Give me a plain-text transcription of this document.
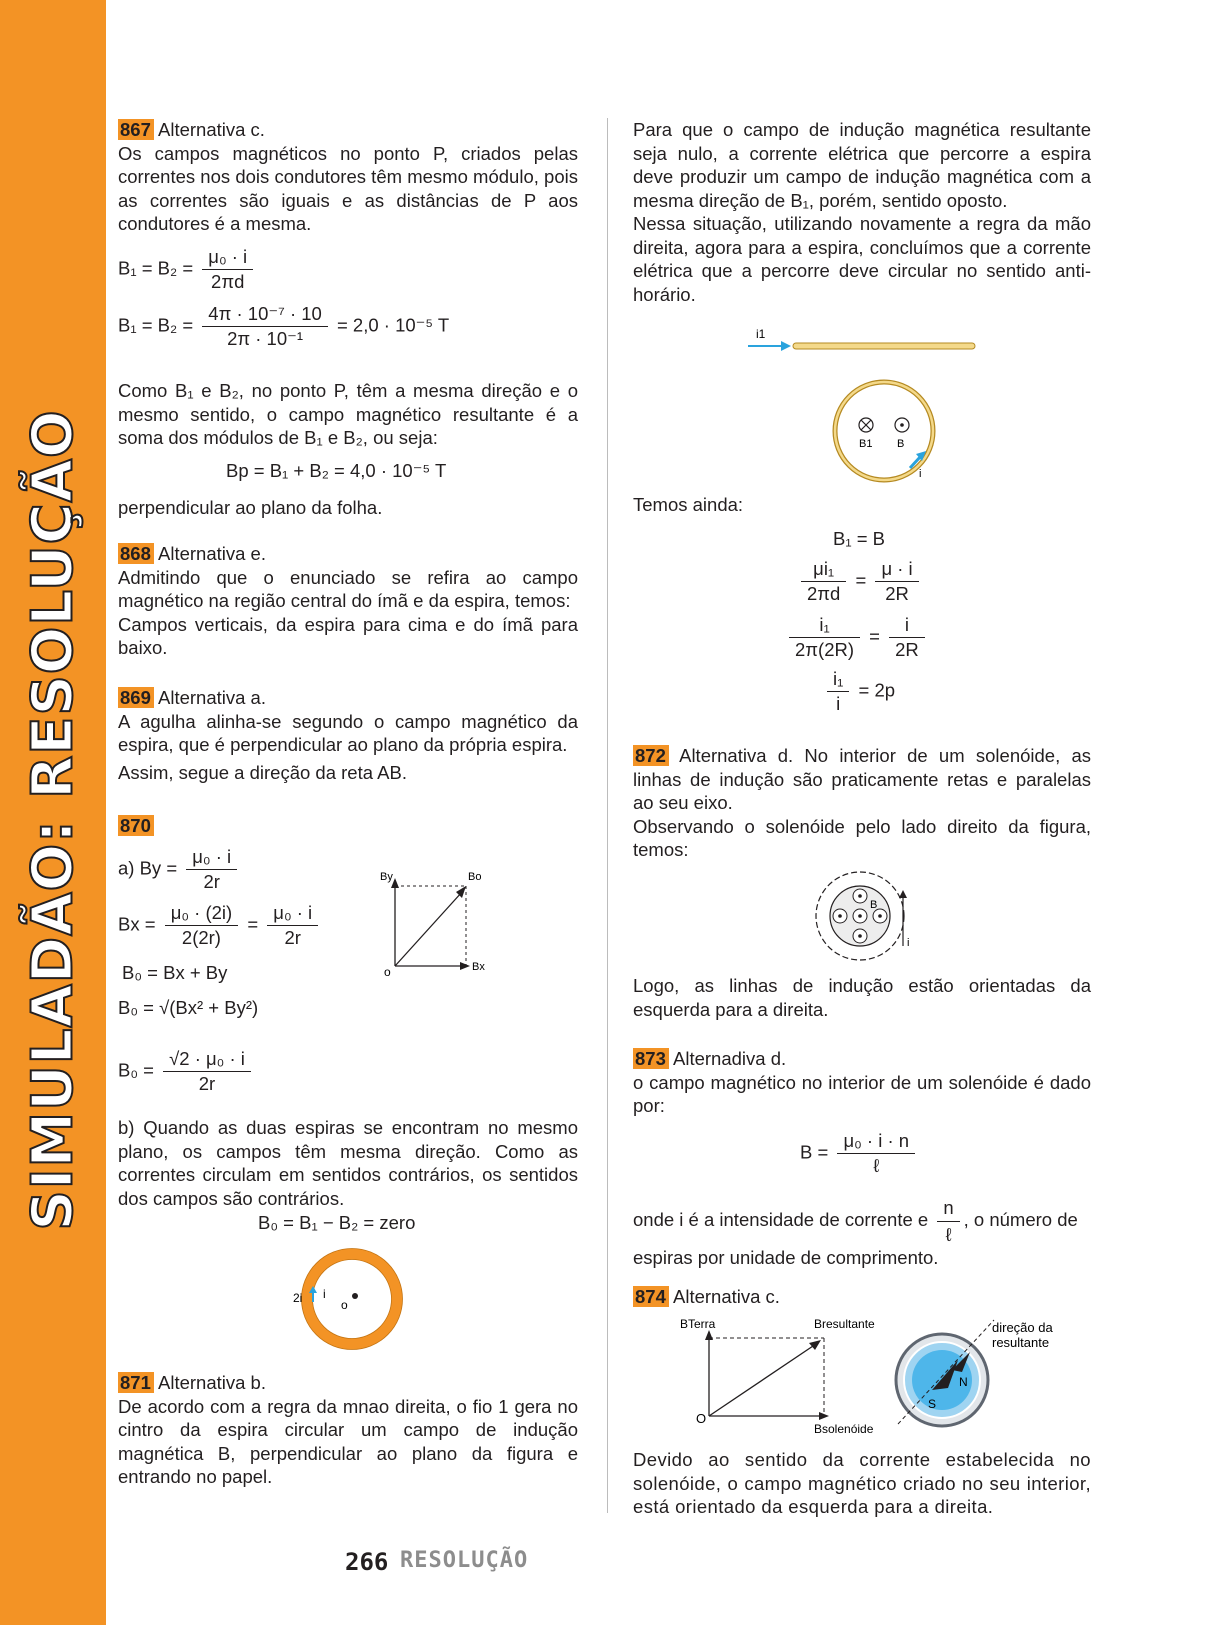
SIMULADÃO: RESOLUÇÃO

867 Alternativa c.

Os campos magnéticos no ponto P, criados pelas correntes nos dois condutores têm mesmo módulo, pois as correntes são iguais e as distâncias de P aos condutores é a mesma.

$B_1 = B_2 = \frac{\text{μ₀ · i}}{2\pi d}$
$B_1 = B_2 = \frac{\text{4π · 10⁻⁷ · 10}}{\text{2π · 10⁻¹}} = 2,0 \cdot 10^{-5}$ T

Como B₁ e B₂, no ponto P, têm a mesma direção e o mesmo sentido, o campo magnético resultante é a soma dos módulos de B₁ e B₂, ou seja:

Bp = B₁ + B₂ = 4,0 · 10⁻⁵ T

perpendicular ao plano da folha.

868 Alternativa e.

Admitindo que o enunciado se refira ao campo magnético na região central do ímã e da espira, temos:

Campos verticais, da espira para cima e do ímã para baixo.

869 Alternativa a.

A agulha alinha-se segundo o campo magnético da espira, que é perpendicular ao plano da própria espira.

Assim, segue a direção da reta AB.

870

a) $By = \frac{\text{μ₀ · i}}{2r}$
$Bx = \frac{\text{μ₀ · (2i)}}{2(2r)} = \frac{\text{μ₀ · i}}{2r}$
B₀ = Bx + By
B₀ = √(Bx² + By²)
$B_0 = \frac{\text{√2 · μ₀ · i}}{2r}$
By	Bo
o	Bx

b) Quando as duas espiras se encontram no mesmo plano, os campos têm mesma direção. Como as correntes circulam em sentidos contrários, os sentidos dos campos são contrários.

B₀ = B₁ − B₂ = zero
2i i
o

871 Alternativa b.

De acordo com a regra da mnao direita, o fio 1 gera no cintro da espira circular um campo de indução magnética B, perpendicular ao plano da figura e entrando no papel.

Para que o campo de indução magnética resultante seja nulo, a corrente elétrica que percorre a espira deve produzir um campo de indução magnética com a mesma direção de B₁, porém, sentido oposto.

Nessa situação, utilizando novamente a regra da mão direita, agora para a espira, concluímos que a corrente elétrica que a percorre deve circular no sentido anti-horário.

i1
B1 B
i

Temos ainda:

B₁ = B
$\frac{\text{μi₁}}{2\pi d} = \frac{\mu \cdot i}{2R}$
$\frac{\text{i₁}}{2\pi(2R)} = \frac{i}{2R}$
$\frac{\text{i₁}}{i} = 2p$

872 Alternativa d. No interior de um solenóide, as linhas de indução são praticamente retas e paralelas ao seu eixo.

Observando o solenóide pelo lado direito da figura, temos:

B
i

Logo, as linhas de indução estão orientadas da esquerda para a direita.

873 Alternadiva d.

o campo magnético no interior de um solenóide é dado por:

$B = \frac{\text{μ₀ · i · n}}{\text{ℓ}}$
onde i é a intensidade de corrente e $\frac{n}{\text{ℓ}}$ , o número de espiras por unidade de comprimento.

874 Alternativa c.

BTerra	Bresultante
O
Bsolenóide
N
S
direção da
resultante

Devido ao sentido da corrente estabelecida no solenóide, o campo magnético criado no seu interior, está orientado da esquerda para a direita.

266 RESOLUÇÃO
